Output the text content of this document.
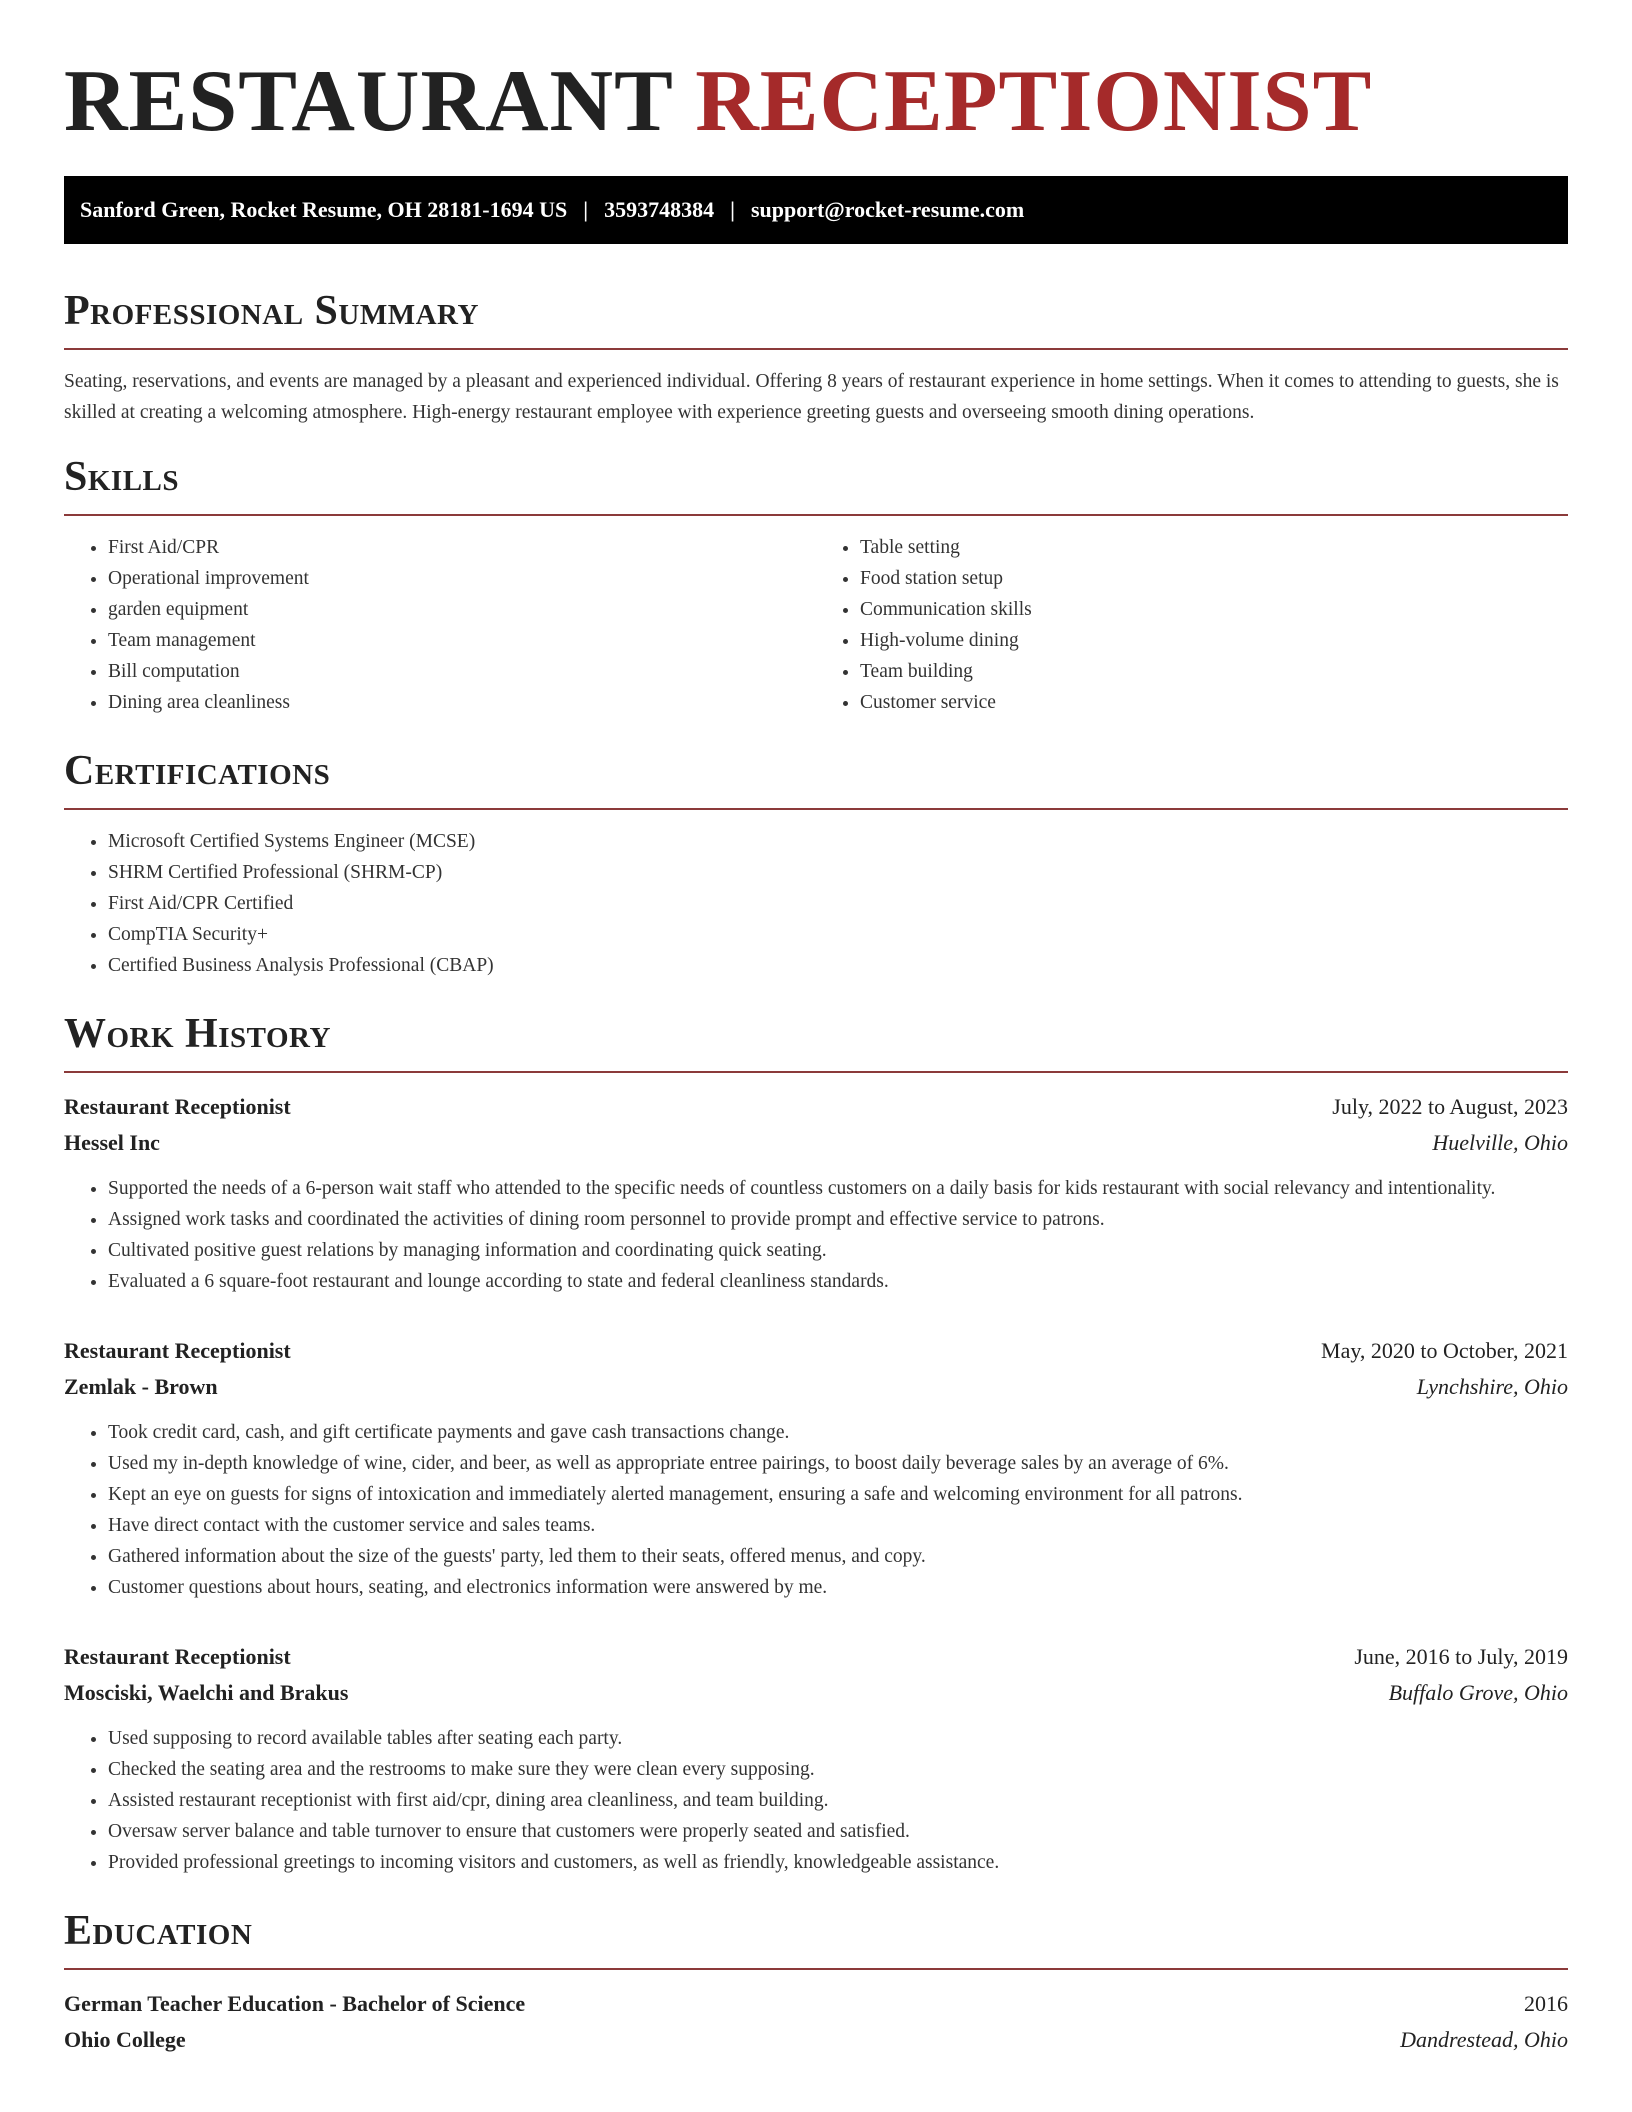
RESTAURANT RECEPTIONIST
Sanford Green, Rocket Resume, OH 28181-1694 US | 3593748384 | support@rocket-resume.com
Professional Summary

Seating, reservations, and events are managed by a pleasant and experienced individual. Offering 8 years of restaurant experience in home settings. When it comes to attending to guests, she is skilled at creating a welcoming atmosphere. High-energy restaurant employee with experience greeting guests and overseeing smooth dining operations.

Skills
• First Aid/CPR
• Operational improvement
• garden equipment
• Team management
• Bill computation
• Dining area cleanliness
• Table setting
• Food station setup
• Communication skills
• High-volume dining
• Team building
• Customer service
Certifications
• Microsoft Certified Systems Engineer (MCSE)
• SHRM Certified Professional (SHRM-CP)
• First Aid/CPR Certified
• CompTIA Security+
• Certified Business Analysis Professional (CBAP)
Work History
Restaurant Receptionist	July, 2022 to August, 2023
Hessel Inc	Huelville, Ohio
• Supported the needs of a 6-person wait staff who attended to the specific needs of countless customers on a daily basis for kids restaurant with social relevancy and intentionality.
• Assigned work tasks and coordinated the activities of dining room personnel to provide prompt and effective service to patrons.
• Cultivated positive guest relations by managing information and coordinating quick seating.
• Evaluated a 6 square-foot restaurant and lounge according to state and federal cleanliness standards.
Restaurant Receptionist	May, 2020 to October, 2021
Zemlak - Brown	Lynchshire, Ohio
• Took credit card, cash, and gift certificate payments and gave cash transactions change.
• Used my in-depth knowledge of wine, cider, and beer, as well as appropriate entree pairings, to boost daily beverage sales by an average of 6%.
• Kept an eye on guests for signs of intoxication and immediately alerted management, ensuring a safe and welcoming environment for all patrons.
• Have direct contact with the customer service and sales teams.
• Gathered information about the size of the guests' party, led them to their seats, offered menus, and copy.
• Customer questions about hours, seating, and electronics information were answered by me.
Restaurant Receptionist	June, 2016 to July, 2019
Mosciski, Waelchi and Brakus	Buffalo Grove, Ohio
• Used supposing to record available tables after seating each party.
• Checked the seating area and the restrooms to make sure they were clean every supposing.
• Assisted restaurant receptionist with first aid/cpr, dining area cleanliness, and team building.
• Oversaw server balance and table turnover to ensure that customers were properly seated and satisfied.
• Provided professional greetings to incoming visitors and customers, as well as friendly, knowledgeable assistance.
Education
German Teacher Education - Bachelor of Science	2016
Ohio College	Dandrestead, Ohio
